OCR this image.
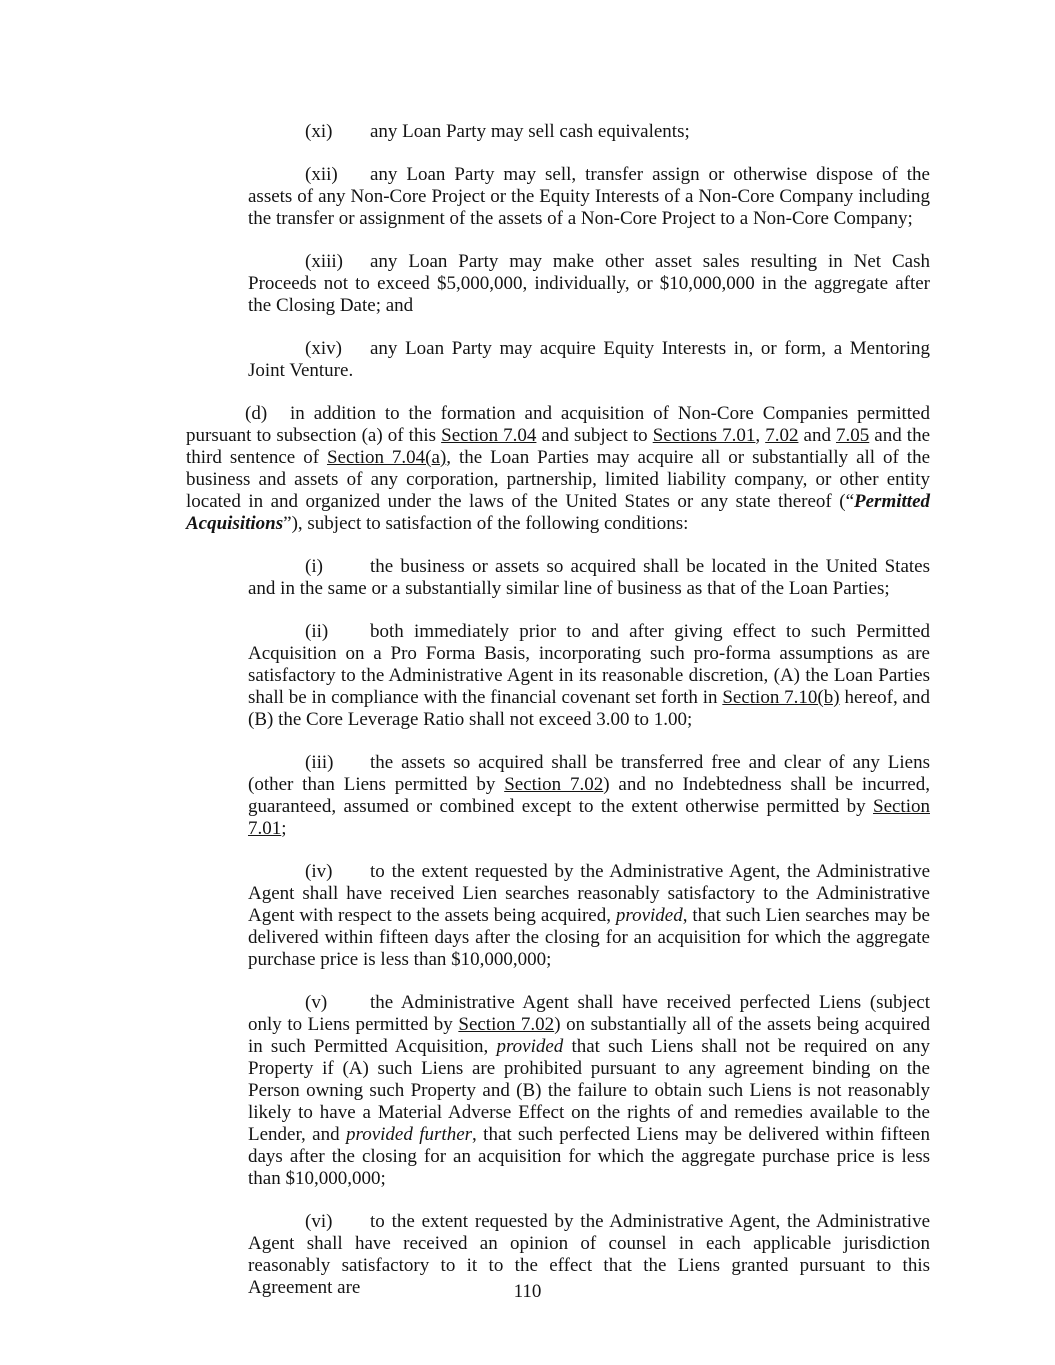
(xi) any Loan Party may sell cash equivalents;

(xii) any Loan Party may sell, transfer assign or otherwise dispose of the assets of any Non-Core Project or the Equity Interests of a Non-Core Company including the transfer or assignment of the assets of a Non-Core Project to a Non-Core Company;

(xiii) any Loan Party may make other asset sales resulting in Net Cash Proceeds not to exceed $5,000,000, individually, or $10,000,000 in the aggregate after the Closing Date; and

(xiv) any Loan Party may acquire Equity Interests in, or form, a Mentoring Joint Venture.

(d) in addition to the formation and acquisition of Non-Core Companies permitted pursuant to subsection (a) of this Section 7.04 and subject to Sections 7.01, 7.02 and 7.05 and the third sentence of Section 7.04(a), the Loan Parties may acquire all or substantially all of the business and assets of any corporation, partnership, limited liability company, or other entity located in and organized under the laws of the United States or any state thereof (“Permitted Acquisitions”), subject to satisfaction of the following conditions:

(i) the business or assets so acquired shall be located in the United States and in the same or a substantially similar line of business as that of the Loan Parties;

(ii) both immediately prior to and after giving effect to such Permitted Acquisition on a Pro Forma Basis, incorporating such pro-forma assumptions as are satisfactory to the Administrative Agent in its reasonable discretion, (A) the Loan Parties shall be in compliance with the financial covenant set forth in Section 7.10(b) hereof, and (B) the Core Leverage Ratio shall not exceed 3.00 to 1.00;

(iii) the assets so acquired shall be transferred free and clear of any Liens (other than Liens permitted by Section 7.02) and no Indebtedness shall be incurred, guaranteed, assumed or combined except to the extent otherwise permitted by Section 7.01;

(iv) to the extent requested by the Administrative Agent, the Administrative Agent shall have received Lien searches reasonably satisfactory to the Administrative Agent with respect to the assets being acquired, provided, that such Lien searches may be delivered within fifteen days after the closing for an acquisition for which the aggregate purchase price is less than $10,000,000;

(v) the Administrative Agent shall have received perfected Liens (subject only to Liens permitted by Section 7.02) on substantially all of the assets being acquired in such Permitted Acquisition, provided that such Liens shall not be required on any Property if (A) such Liens are prohibited pursuant to any agreement binding on the Person owning such Property and (B) the failure to obtain such Liens is not reasonably likely to have a Material Adverse Effect on the rights of and remedies available to the Lender, and provided further, that such perfected Liens may be delivered within fifteen days after the closing for an acquisition for which the aggregate purchase price is less than $10,000,000;

(vi) to the extent requested by the Administrative Agent, the Administrative Agent shall have received an opinion of counsel in each applicable jurisdiction reasonably satisfactory to it to the effect that the Liens granted pursuant to this Agreement are	110
